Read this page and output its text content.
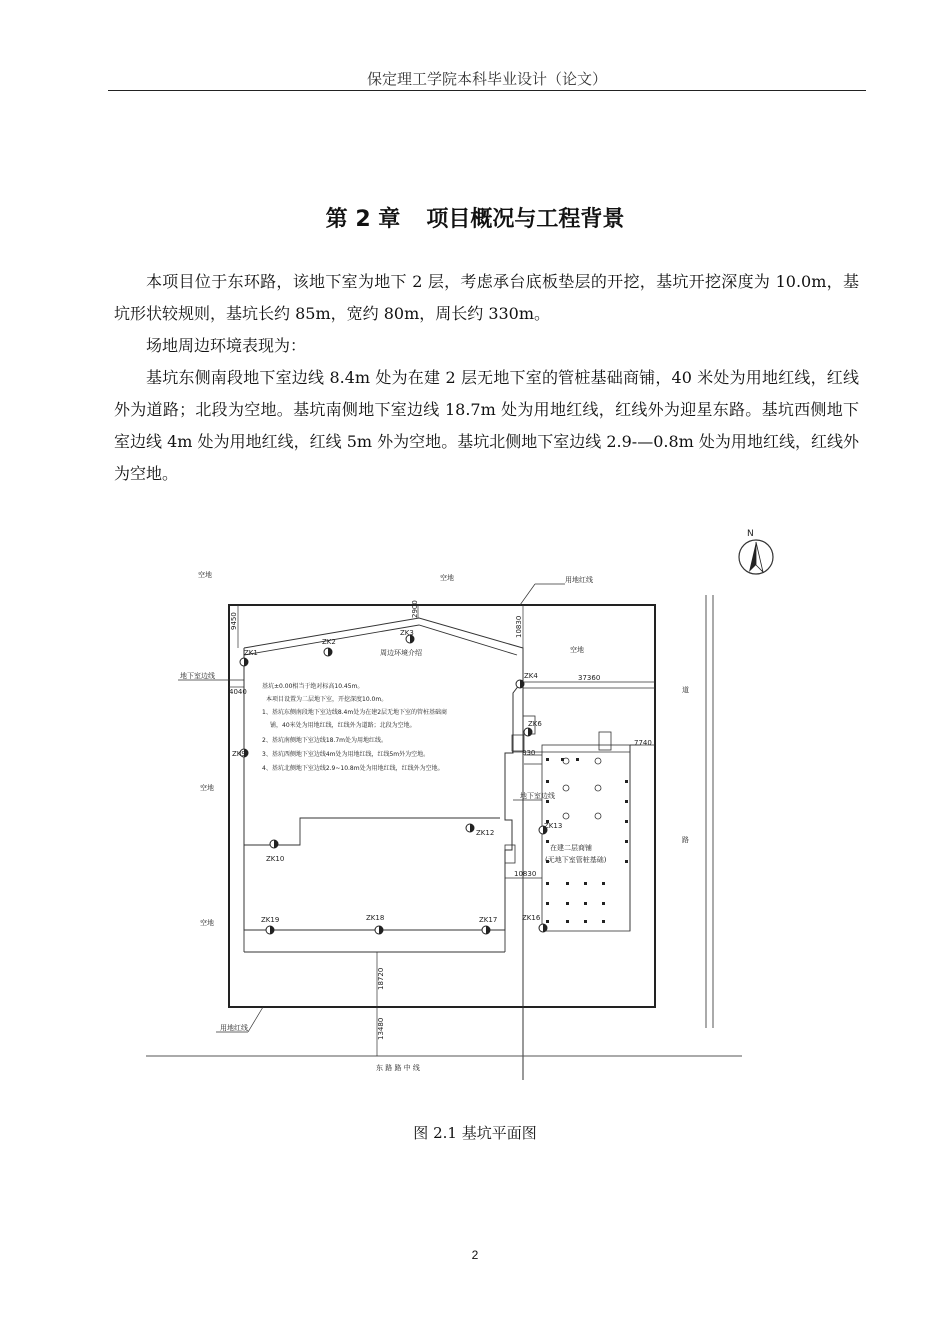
保定理工学院本科毕业设计（论文）
第 2 章 项目概况与工程背景

本项目位于东环路，该地下室为地下 2 层，考虑承台底板垫层的开挖，基坑开挖深度为 10.0m，基坑形状较规则，基坑长约 85m，宽约 80m，周长约 330m。

场地周边环境表现为：

基坑东侧南段地下室边线 8.4m 处为在建 2 层无地下室的管桩基础商铺，40 米处为用地红线，红线外为道路；北段为空地。基坑南侧地下室边线 18.7m 处为用地红线，红线外为迎星东路。基坑西侧地下室边线 4m 处为用地红线，红线 5m 外为空地。基坑北侧地下室边线 2.9-—0.8m 处为用地红线，红线外为空地。

N
9450
2900
10830
4040
37360
7740
830
10830
18720
13480
ZK1
ZK2
ZK3
ZK4
ZK6
ZK9
ZK10
ZK12
ZK13
ZK16
ZK17
ZK18
ZK19
空地	空地	用地红线
空地
地下室边线
地下室边线
空地
空地
用地红线
道
路
东 路 路 中 线
在建二层商铺
(无地下室管桩基础)
周边环境介绍
基坑±0.00相当于绝对标高10.45m。
本项目设置为二层地下室，开挖深度10.0m。
1、基坑东侧南段地下室边线8.4m处为在建2层无地下室的管桩基础商
铺，40米处为用地红线，红线外为道路；北段为空地。
2、基坑南侧地下室边线18.7m处为用地红线。
3、基坑西侧地下室边线4m处为用地红线，红线5m外为空地。
4、基坑北侧地下室边线2.9~10.8m处为用地红线，红线外为空地。
图 2.1 基坑平面图
2
